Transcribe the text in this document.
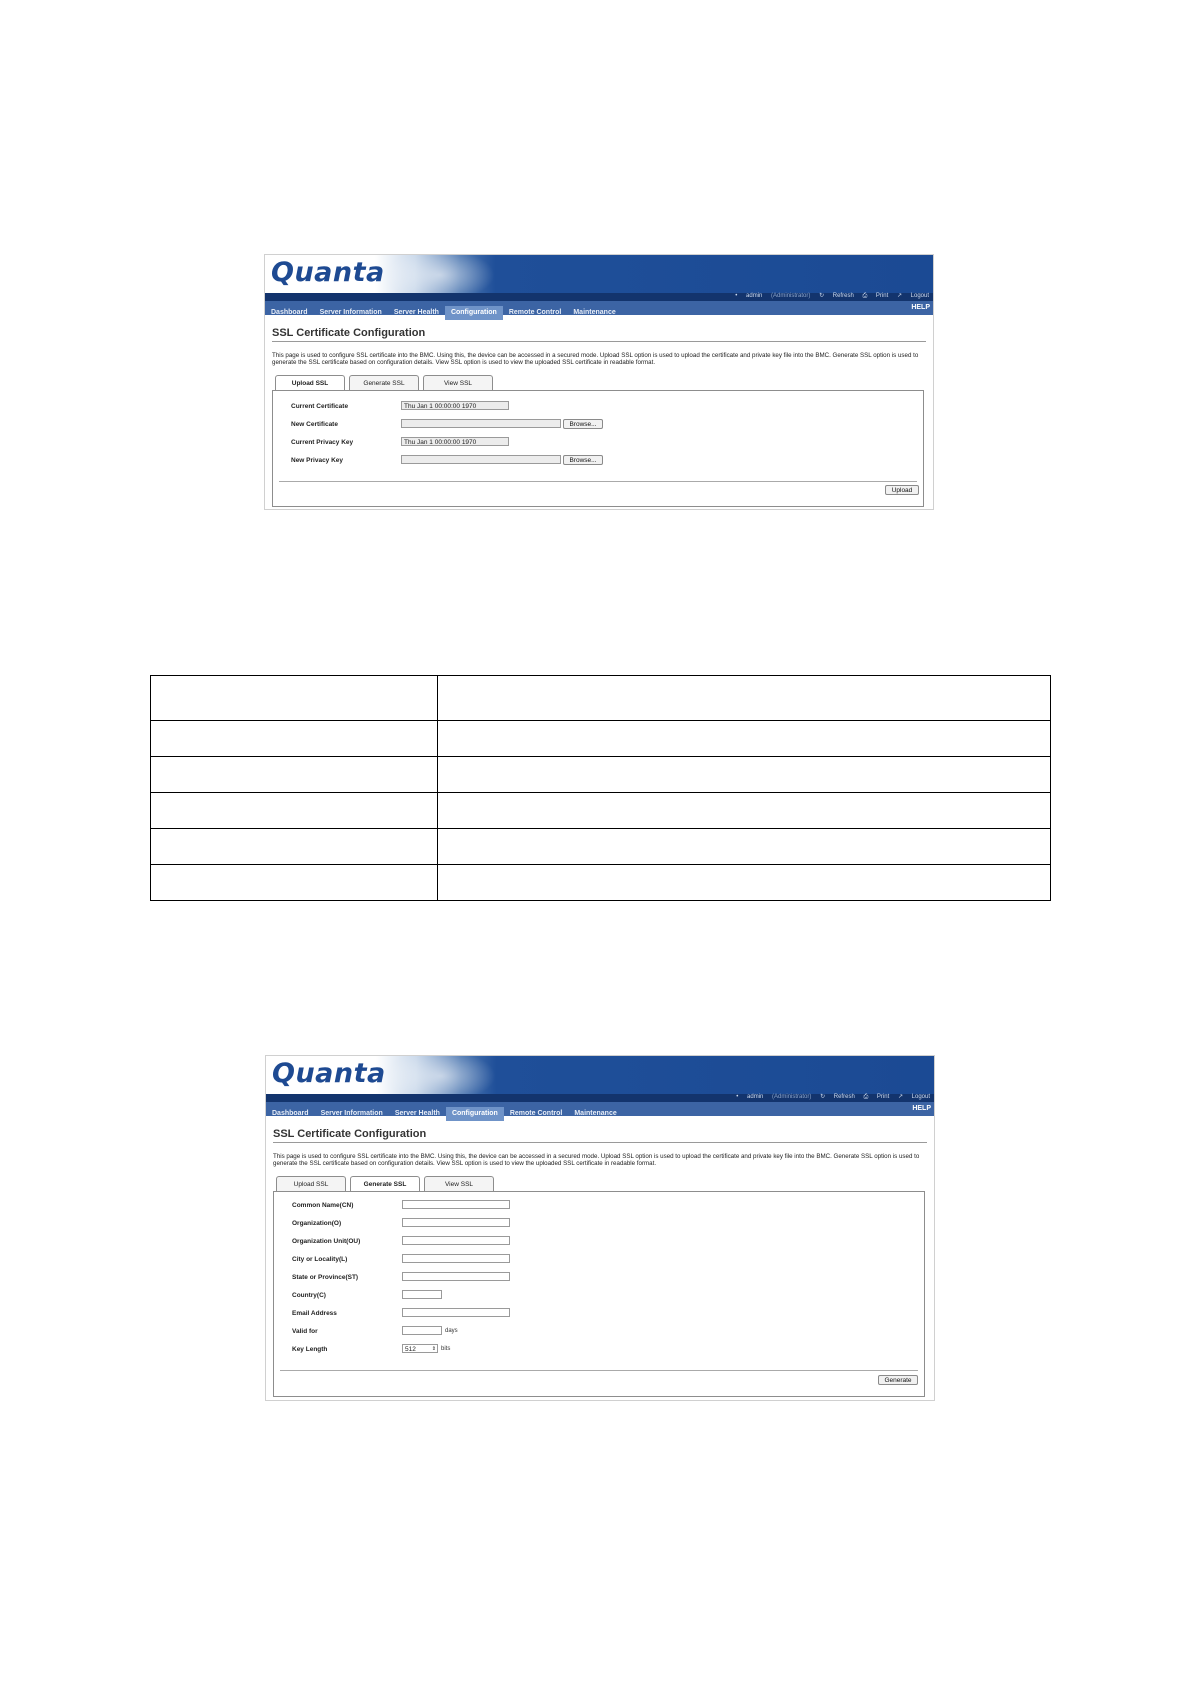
Quanta
• admin (Administrator) ↻ Refresh ⎙ Print ↗ Logout
Dashboard Server Information Server Health Configuration Remote Control Maintenance
HELP
SSL Certificate Configuration
This page is used to configure SSL certificate into the BMC. Using this, the device can be accessed in a secured mode. Upload SSL option is used to upload the certificate and private key file into the BMC. Generate SSL option is used to generate the SSL certificate based on configuration details. View SSL option is used to view the uploaded SSL certificate in readable format.
Upload SSL	Generate SSL	View SSL
Current Certificate	Thu Jan 1 00:00:00 1970
New Certificate	Browse...
Current Privacy Key	Thu Jan 1 00:00:00 1970
New Privacy Key	Browse...
Upload

Quanta
• admin (Administrator) ↻ Refresh ⎙ Print ↗ Logout
Dashboard Server Information Server Health Configuration Remote Control Maintenance
HELP
SSL Certificate Configuration
This page is used to configure SSL certificate into the BMC. Using this, the device can be accessed in a secured mode. Upload SSL option is used to upload the certificate and private key file into the BMC. Generate SSL option is used to generate the SSL certificate based on configuration details. View SSL option is used to view the uploaded SSL certificate in readable format.
Upload SSL	Generate SSL	View SSL
Common Name(CN)
Organization(O)
Organization Unit(OU)
City or Locality(L)
State or Province(ST)
Country(C)
Email Address
Valid for	days
Key Length	512	⇕ bits
Generate
